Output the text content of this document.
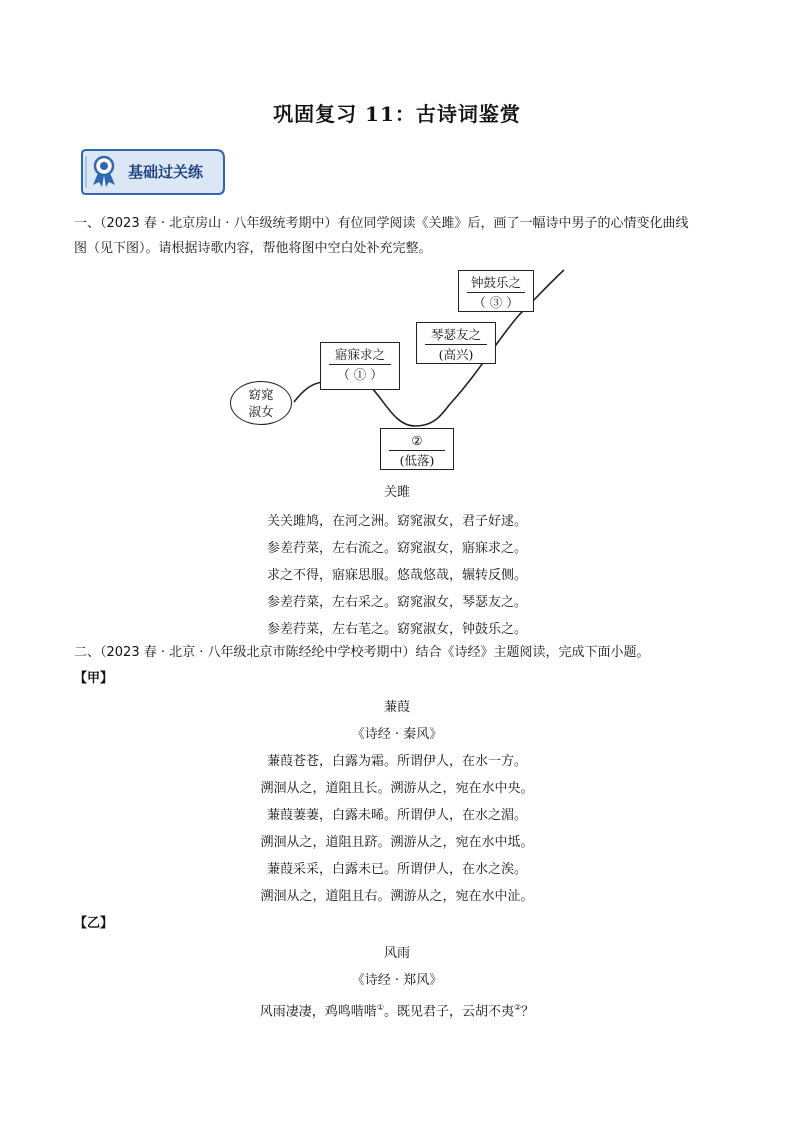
巩固复习 11：古诗词鉴赏
基础过关练
一、（2023 春 · 北京房山 · 八年级统考期中）有位同学阅读《关雎》后，画了一幅诗中男子的心情变化曲线
图（见下图）。请根据诗歌内容，帮他将图中空白处补充完整。
窈窕
淑女
寤寐求之
（ ① ）
②
(低落)
琴瑟友之
(高兴)
钟鼓乐之
（ ③ ）
关雎
关关雎鸠，在河之洲。窈窕淑女，君子好逑。
参差荇菜，左右流之。窈窕淑女，寤寐求之。
求之不得，寤寐思服。悠哉悠哉，辗转反侧。
参差荇菜，左右采之。窈窕淑女，琴瑟友之。
参差荇菜，左右芼之。窈窕淑女，钟鼓乐之。
二、（2023 春 · 北京 · 八年级北京市陈经纶中学校考期中）结合《诗经》主题阅读，完成下面小题。
【甲】
蒹葭
《诗经 · 秦风》
蒹葭苍苍，白露为霜。所谓伊人，在水一方。
溯洄从之，道阻且长。溯游从之，宛在水中央。
蒹葭萋萋，白露未晞。所谓伊人，在水之湄。
溯洄从之，道阻且跻。溯游从之，宛在水中坻。
蒹葭采采，白露未已。所谓伊人，在水之涘。
溯洄从之，道阻且右。溯游从之，宛在水中沚。
【乙】
风雨
《诗经 · 郑风》
风雨凄凄，鸡鸣喈喈①。既见君子，云胡不夷②？
